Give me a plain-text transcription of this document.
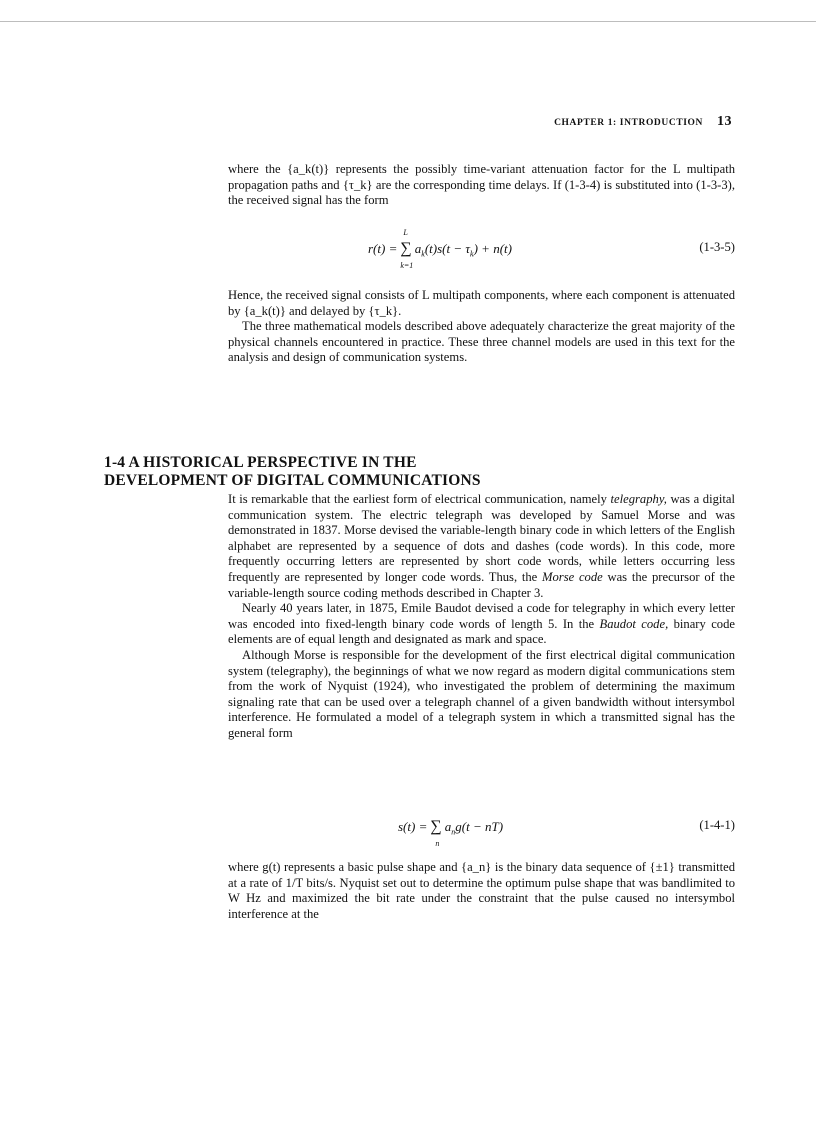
CHAPTER 1: INTRODUCTION 13

where the {a_k(t)} represents the possibly time-variant attenuation factor for the L multipath propagation paths and {τ_k} are the corresponding time delays. If (1-3-4) is substituted into (1-3-3), the received signal has the form

r(t) = ∑
L
k=1
$a_k(t)s(t - \tau_k) + n(t)$	(1-3-5)

Hence, the received signal consists of L multipath components, where each component is attenuated by {a_k(t)} and delayed by {τ_k}.

The three mathematical models described above adequately characterize the great majority of the physical channels encountered in practice. These three channel models are used in this text for the analysis and design of communication systems.

1-4 A HISTORICAL PERSPECTIVE IN THE
DEVELOPMENT OF DIGITAL COMMUNICATIONS

It is remarkable that the earliest form of electrical communication, namely telegraphy, was a digital communication system. The electric telegraph was developed by Samuel Morse and was demonstrated in 1837. Morse devised the variable-length binary code in which letters of the English alphabet are represented by a sequence of dots and dashes (code words). In this code, more frequently occurring letters are represented by short code words, while letters occurring less frequently are represented by longer code words. Thus, the Morse code was the precursor of the variable-length source coding methods described in Chapter 3.

Nearly 40 years later, in 1875, Emile Baudot devised a code for telegraphy in which every letter was encoded into fixed-length binary code words of length 5. In the Baudot code, binary code elements are of equal length and designated as mark and space.

Although Morse is responsible for the development of the first electrical digital communication system (telegraphy), the beginnings of what we now regard as modern digital communications stem from the work of Nyquist (1924), who investigated the problem of determining the maximum signaling rate that can be used over a telegraph channel of a given bandwidth without intersymbol interference. He formulated a model of a telegraph system in which a transmitted signal has the general form

s(t) = ∑
n
$a_ng(t - nT)$	(1-4-1)

where g(t) represents a basic pulse shape and {a_n} is the binary data sequence of {±1} transmitted at a rate of 1/T bits/s. Nyquist set out to determine the optimum pulse shape that was bandlimited to W Hz and maximized the bit rate under the constraint that the pulse caused no intersymbol interference at the
